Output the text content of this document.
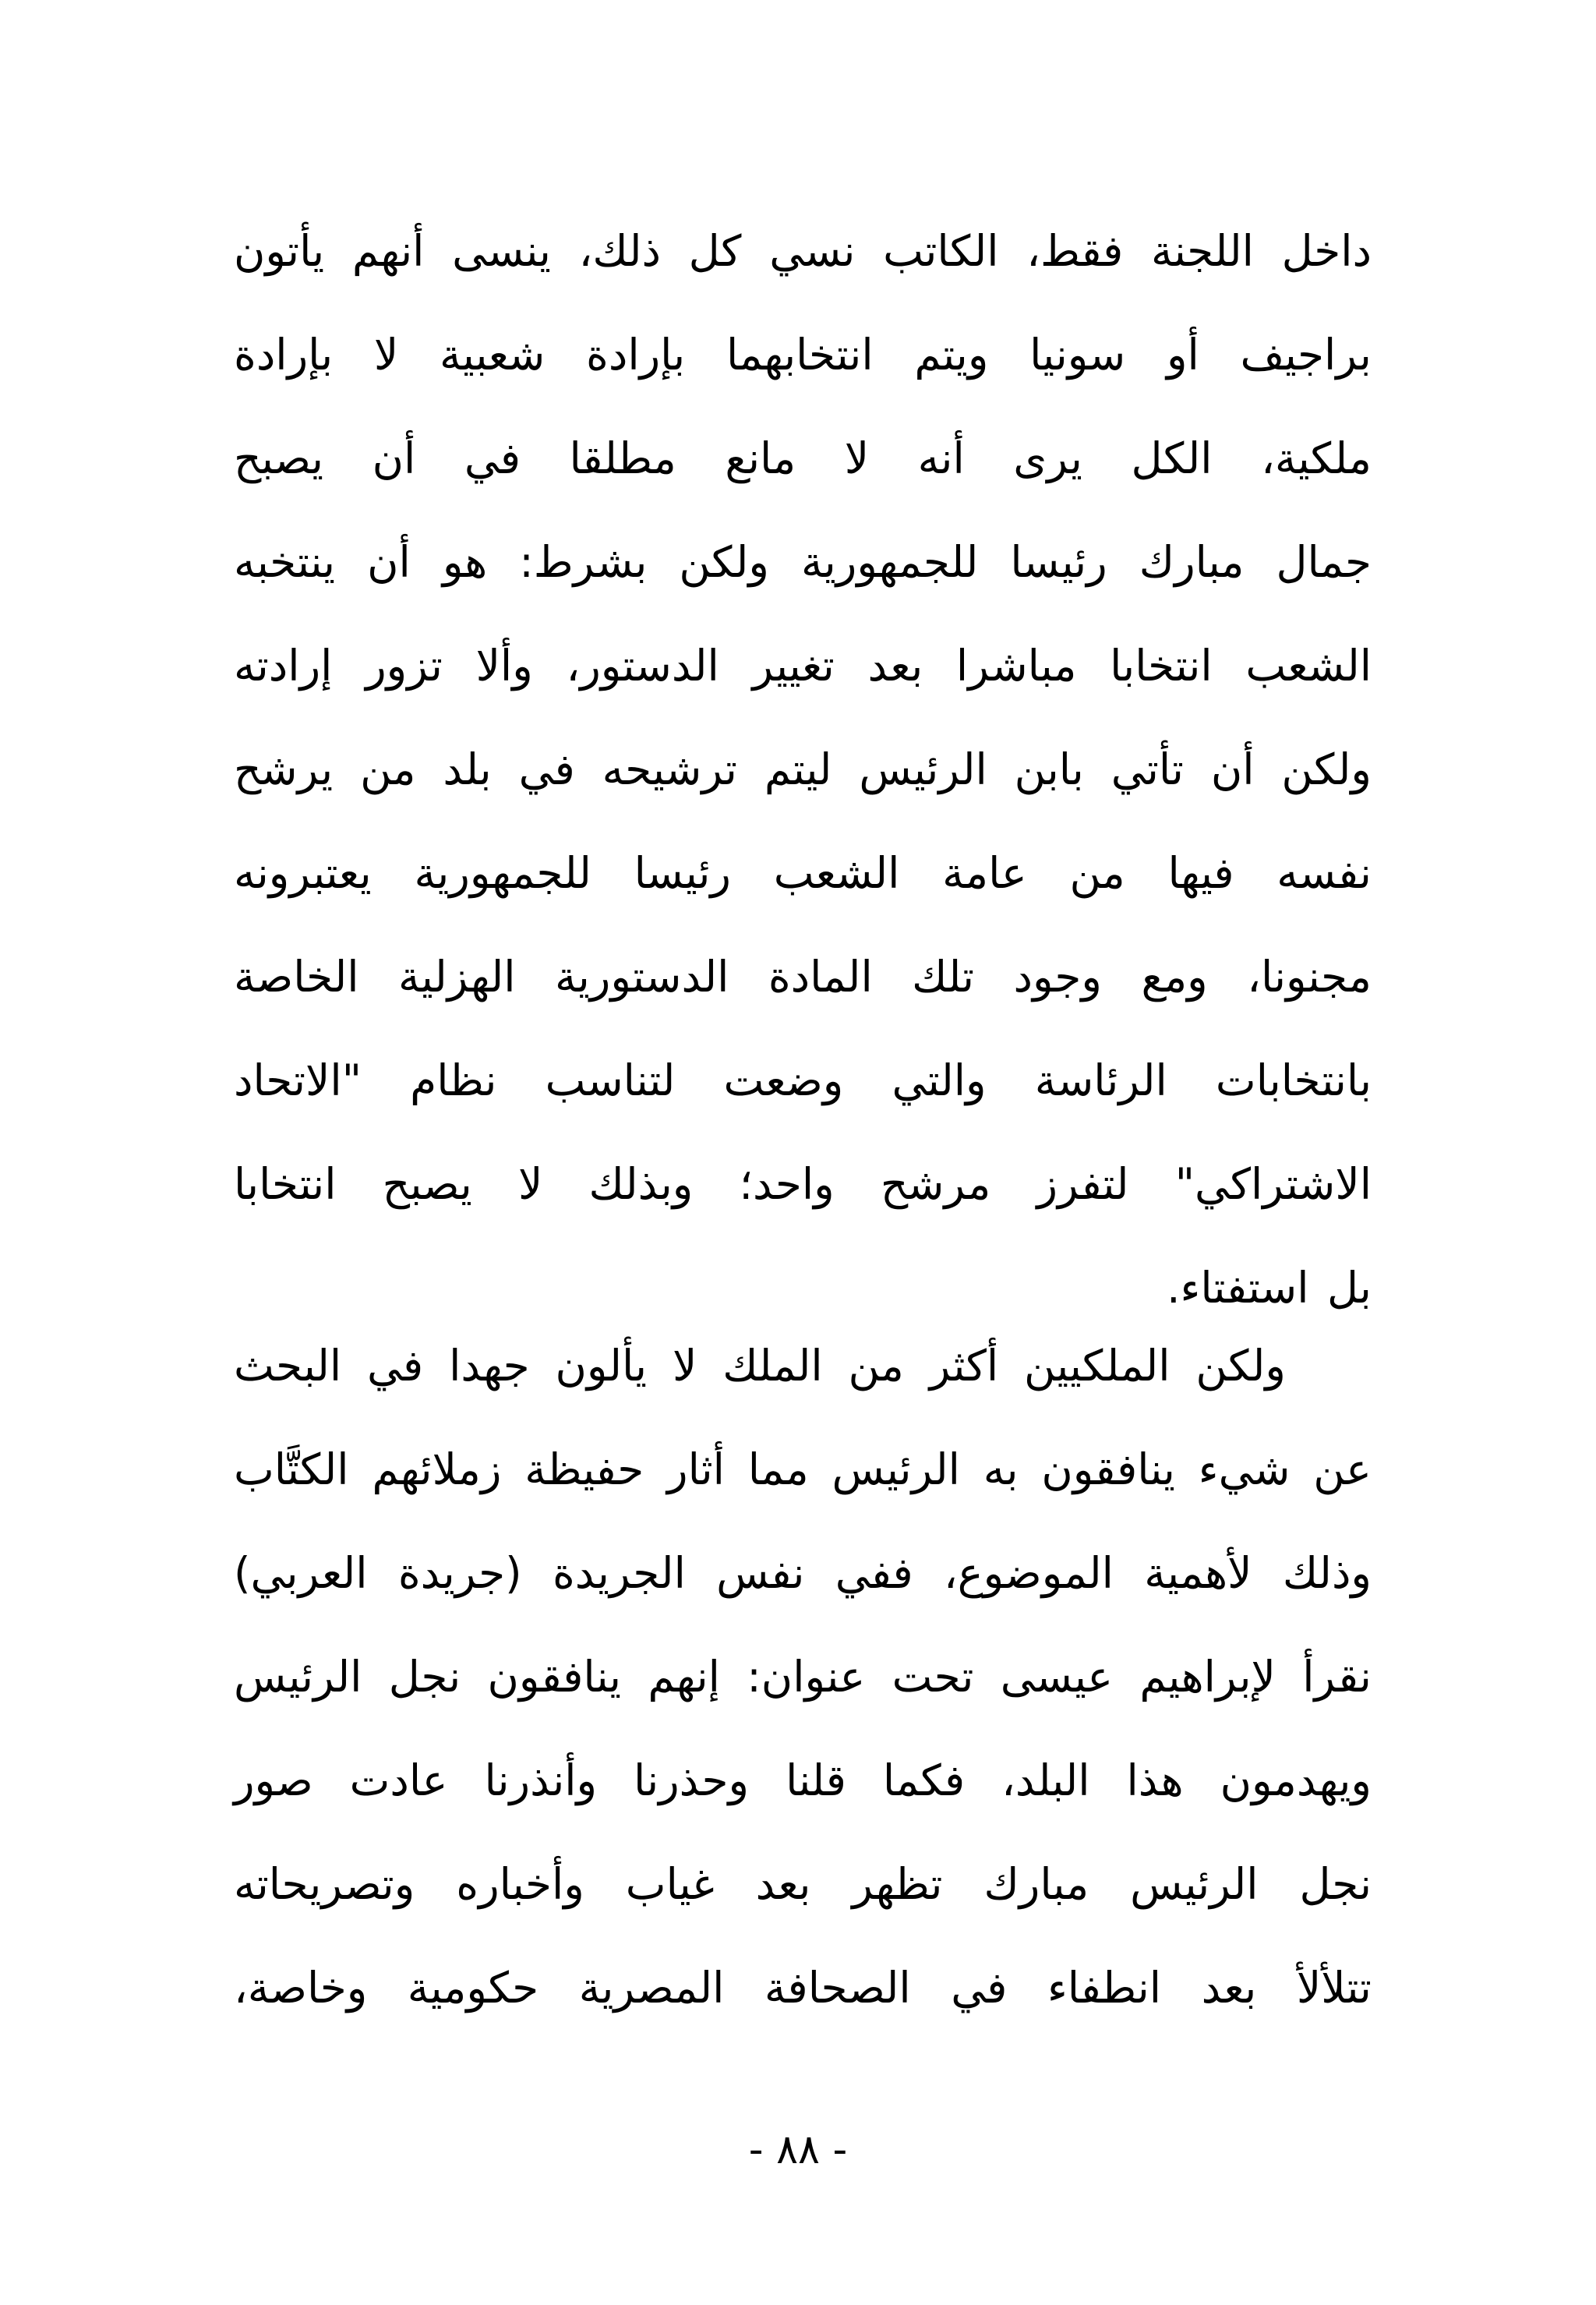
داخل اللجنة فقط، الكاتب نسي كل ذلك، ينسى أنهم يأتون
براجيف أو سونيا ويتم انتخابهما بإرادة شعبية لا بإرادة
ملكية، الكل يرى أنه لا مانع مطلقا في أن يصبح
جمال مبارك رئيسا للجمهورية ولكن بشرط: هو أن ينتخبه
الشعب انتخابا مباشرا بعد تغيير الدستور، وألا تزور إرادته
ولكن أن تأتي بابن الرئيس ليتم ترشيحه في بلد من يرشح
نفسه فيها من عامة الشعب رئيسا للجمهورية يعتبرونه
مجنونا، ومع وجود تلك المادة الدستورية الهزلية الخاصة
بانتخابات الرئاسة والتي وضعت لتناسب نظام "الاتحاد
الاشتراكي" لتفرز مرشح واحد؛ وبذلك لا يصبح انتخابا
بل استفتاء.
ولكن الملكيين أكثر من الملك لا يألون جهدا في البحث
عن شيء ينافقون به الرئيس مما أثار حفيظة زملائهم الكتَّاب
وذلك لأهمية الموضوع، ففي نفس الجريدة (جريدة العربي)
نقرأ لإبراهيم عيسى تحت عنوان: إنهم ينافقون نجل الرئيس
ويهدمون هذا البلد، فكما قلنا وحذرنا وأنذرنا عادت صور
نجل الرئيس مبارك تظهر بعد غياب وأخباره وتصريحاته
تتلألأ بعد انطفاء في الصحافة المصرية حكومية وخاصة،
- ٨٨ -
